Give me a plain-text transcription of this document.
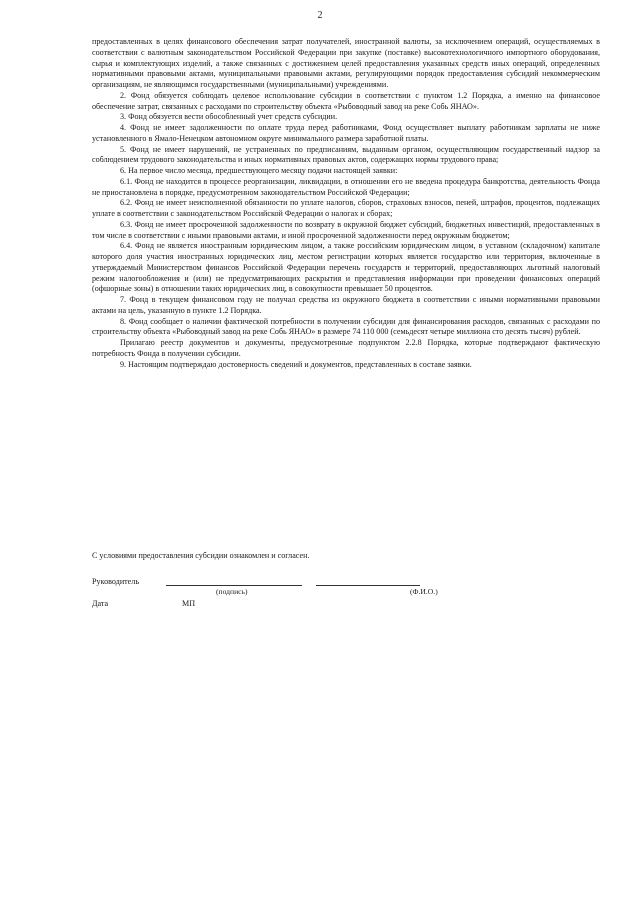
2

предоставленных в целях финансового обеспечения затрат получателей, иностранной валюты, за исключением операций, осуществляемых в соответствии с валютным законодательством Российской Федерации при закупке (поставке) высокотехнологичного импортного оборудования, сырья и комплектующих изделий, а также связанных с достижением целей предоставления указанных средств иных операций, определенных нормативными правовыми актами, муниципальными правовыми актами, регулирующими порядок предоставления субсидий некоммерческим организациям, не являющимся государственными (муниципальными) учреждениями.

2. Фонд обязуется соблюдать целевое использование субсидии в соответствии с пунктом 1.2 Порядка, а именно на финансовое обеспечение затрат, связанных с расходами по строительству объекта «Рыбоводный завод на реке Собь ЯНАО».

3. Фонд обязуется вести обособленный учет средств субсидии.

4. Фонд не имеет задолженности по оплате труда перед работниками, Фонд осуществляет выплату работникам зарплаты не ниже установленного в Ямало-Ненецком автономном округе минимального размера заработной платы.

5. Фонд не имеет нарушений, не устраненных по предписаниям, выданным органом, осуществляющим государственный надзор за соблюдением трудового законодательства и иных нормативных правовых актов, содержащих нормы трудового права;

6. На первое число месяца, предшествующего месяцу подачи настоящей заявки:

6.1. Фонд не находится в процессе реорганизации, ликвидации, в отношении его не введена процедура банкротства, деятельность Фонда не приостановлена в порядке, предусмотренном законодательством Российской Федерации;

6.2. Фонд не имеет неисполненной обязанности по уплате налогов, сборов, страховых взносов, пеней, штрафов, процентов, подлежащих уплате в соответствии с законодательством Российской Федерации о налогах и сборах;

6.3. Фонд не имеет просроченной задолженности по возврату в окружной бюджет субсидий, бюджетных инвестиций, предоставленных в том числе в соответствии с иными правовыми актами, и иной просроченной задолженности перед окружным бюджетом;

6.4. Фонд не является иностранным юридическим лицом, а также российским юридическим лицом, в уставном (складочном) капитале которого доля участия иностранных юридических лиц, местом регистрации которых является государство или территория, включенные в утверждаемый Министерством финансов Российской Федерации перечень государств и территорий, предоставляющих льготный налоговый режим налогообложения и (или) не предусматривающих раскрытия и представления информации при проведении финансовых операций (офшорные зоны) в отношении таких юридических лиц, в совокупности превышает 50 процентов.

7. Фонд в текущем финансовом году не получал средства из окружного бюджета в соответствии с иными нормативными правовыми актами на цель, указанную в пункте 1.2 Порядка.

8. Фонд сообщает о наличии фактической потребности в получении субсидии для финансирования расходов, связанных с расходами по строительству объекта «Рыбоводный завод на реке Собь ЯНАО» в размере 74 110 000 (семьдесят четыре миллиона сто десять тысяч) рублей.

Прилагаю реестр документов и документы, предусмотренные подпунктом 2.2.8 Порядка, которые подтверждают фактическую потребность Фонда в получении субсидии.

9. Настоящим подтверждаю достоверность сведений и документов, представленных в составе заявки.

С условиями предоставления субсидии ознакомлен и согласен.
Руководитель
(подпись)	(Ф.И.О.)
Дата	МП
